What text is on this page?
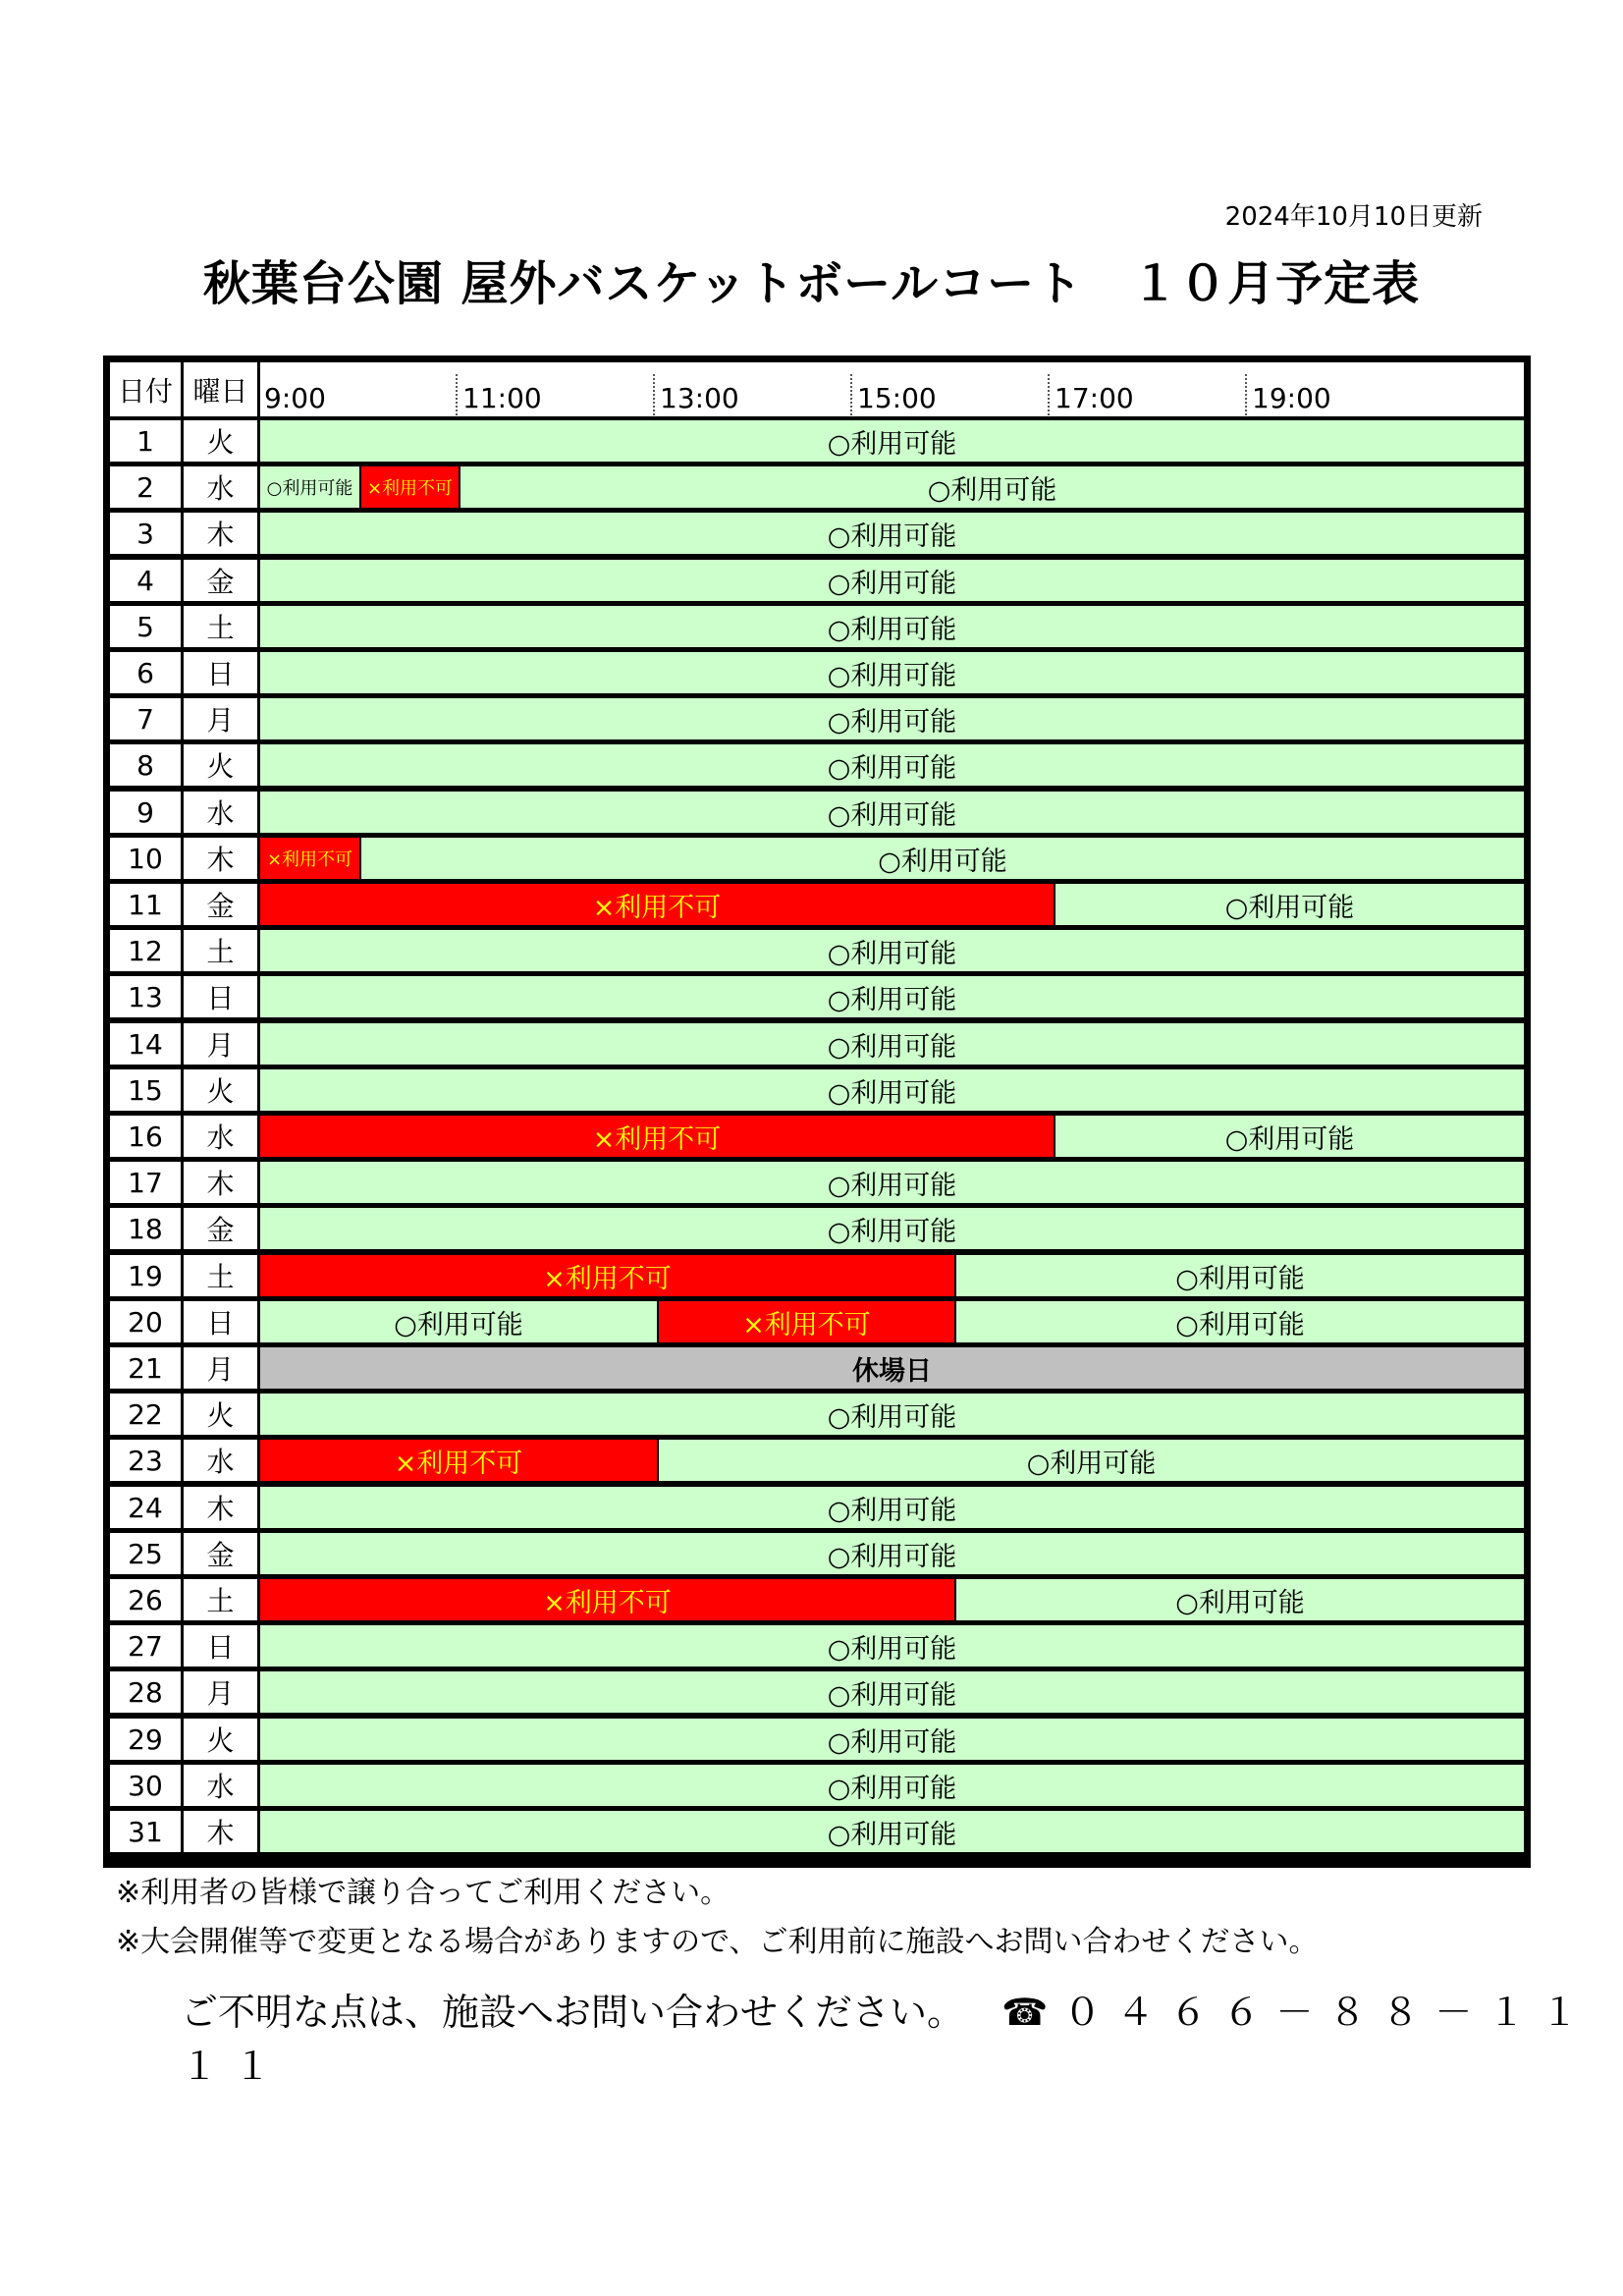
2024年10月10日更新
秋葉台公園 屋外バスケットボールコート　１０月予定表
日付 曜日 9:00	11:00	13:00	15:00	17:00	19:00
1	火	○利用可能
2	水	○利用可能 ×利用不可	○利用可能
3	木	○利用可能
4	金	○利用可能
5	土	○利用可能
6	日	○利用可能
7	月	○利用可能
8	火	○利用可能
9	水	○利用可能
10	木	×利用不可	○利用可能
11	金	×利用不可	○利用可能
12	土	○利用可能
13	日	○利用可能
14	月	○利用可能
15	火	○利用可能
16	水	×利用不可	○利用可能
17	木	○利用可能
18	金	○利用可能
19	土	×利用不可	○利用可能
20	日	○利用可能	×利用不可	○利用可能
21	月	休場日
22	火	○利用可能
23	水	×利用不可	○利用可能
24	木	○利用可能
25	金	○利用可能
26	土	×利用不可	○利用可能
27	日	○利用可能
28	月	○利用可能
29	火	○利用可能
30	水	○利用可能
31	木	○利用可能
※利用者の皆様で譲り合ってご利用ください。
※大会開催等で変更となる場合がありますので、ご利用前に施設へお問い合わせください。
ご不明な点は、施設へお問い合わせください。 ☎０４６６－８８－１１１１
